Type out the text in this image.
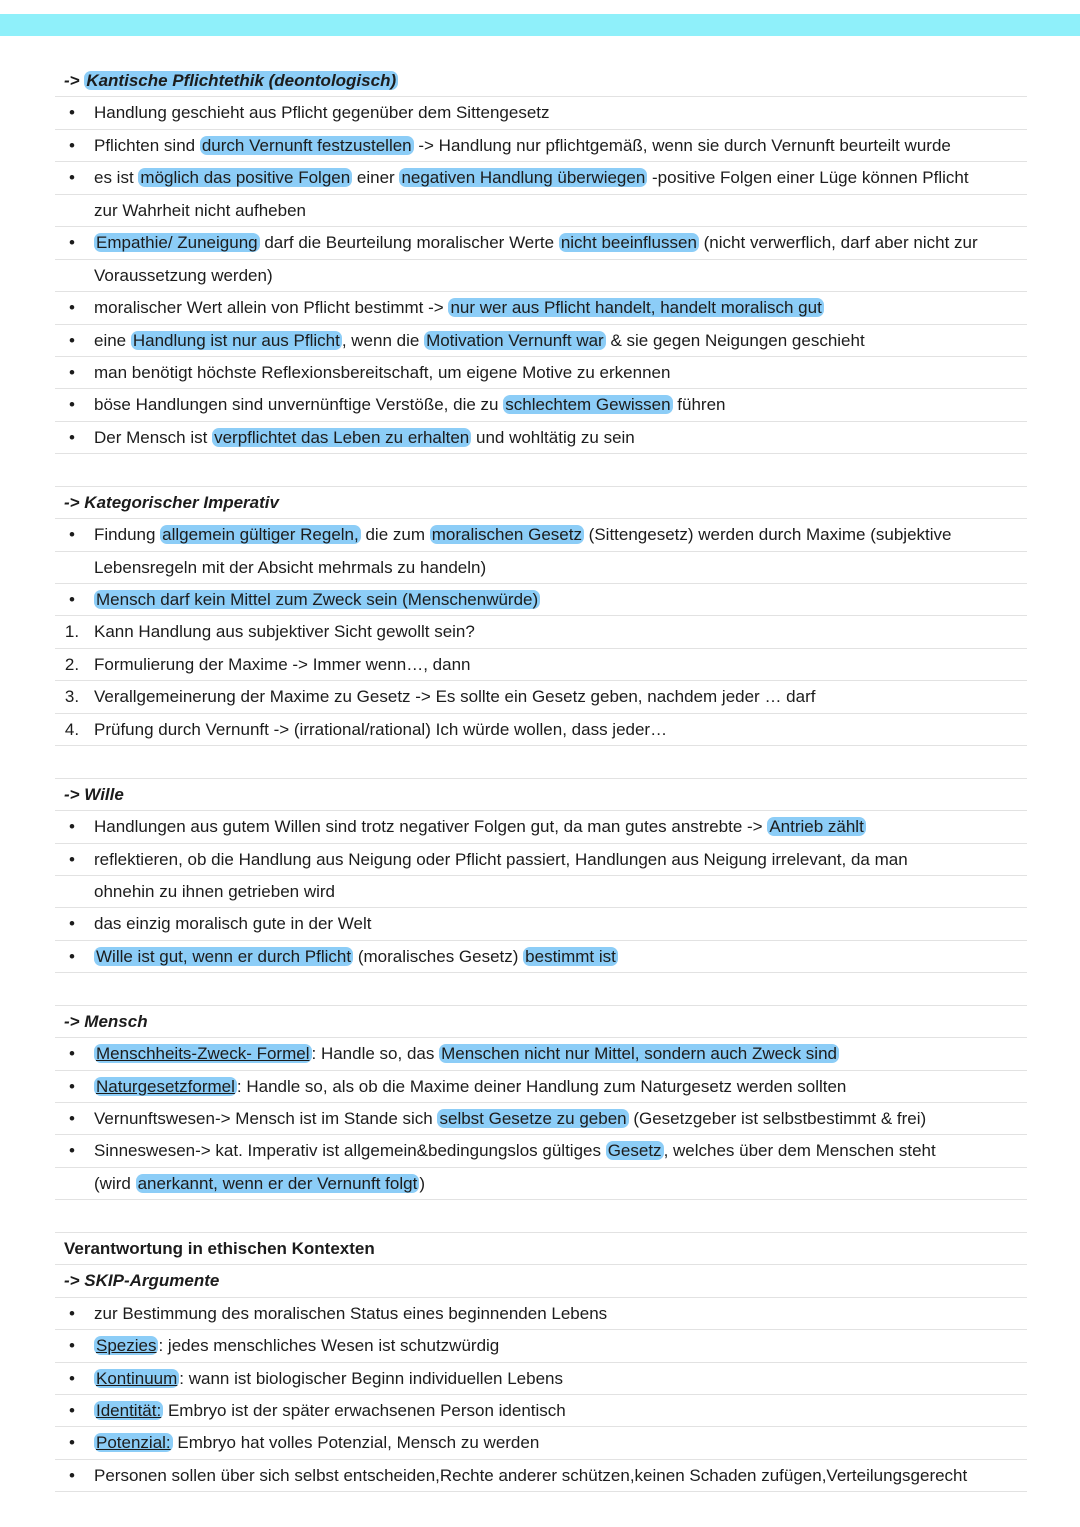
-> Kantische Pflichtethik (deontologisch)
•	Handlung geschieht aus Pflicht gegenüber dem Sittengesetz
•	Pflichten sind durch Vernunft festzustellen -> Handlung nur pflichtgemäß, wenn sie durch Vernunft beurteilt wurde
•	es ist möglich das positive Folgen einer negativen Handlung überwiegen -positive Folgen einer Lüge können Pflicht
zur Wahrheit nicht aufheben
•	Empathie/ Zuneigung darf die Beurteilung moralischer Werte nicht beeinflussen (nicht verwerflich, darf aber nicht zur
Voraussetzung werden)
•	moralischer Wert allein von Pflicht bestimmt -> nur wer aus Pflicht handelt, handelt moralisch gut
•	eine Handlung ist nur aus Pflicht , wenn die Motivation Vernunft war & sie gegen Neigungen geschieht
•	man benötigt höchste Reflexionsbereitschaft, um eigene Motive zu erkennen
•	böse Handlungen sind unvernünftige Verstöße, die zu schlechtem Gewissen führen
•	Der Mensch ist verpflichtet das Leben zu erhalten und wohltätig zu sein
-> Kategorischer Imperativ
•	Findung allgemein gültiger Regeln, die zum moralischen Gesetz (Sittengesetz) werden durch Maxime (subjektive
Lebensregeln mit der Absicht mehrmals zu handeln)
•	Mensch darf kein Mittel zum Zweck sein (Menschenwürde)
1. Kann Handlung aus subjektiver Sicht gewollt sein?
2. Formulierung der Maxime -> Immer wenn…, dann
3. Verallgemeinerung der Maxime zu Gesetz -> Es sollte ein Gesetz geben, nachdem jeder … darf
4. Prüfung durch Vernunft -> (irrational/rational) Ich würde wollen, dass jeder…
-> Wille
•	Handlungen aus gutem Willen sind trotz negativer Folgen gut, da man gutes anstrebte -> Antrieb zählt
•	reflektieren, ob die Handlung aus Neigung oder Pflicht passiert, Handlungen aus Neigung irrelevant, da man
ohnehin zu ihnen getrieben wird
•	das einzig moralisch gute in der Welt
•	Wille ist gut, wenn er durch Pflicht (moralisches Gesetz) bestimmt ist
-> Mensch
•	Menschheits-Zweck- Formel : Handle so, das Menschen nicht nur Mittel, sondern auch Zweck sind
•	Naturgesetzformel : Handle so, als ob die Maxime deiner Handlung zum Naturgesetz werden sollten
•	Vernunftswesen-> Mensch ist im Stande sich selbst Gesetze zu geben (Gesetzgeber ist selbstbestimmt & frei)
•	Sinneswesen-> kat. Imperativ ist allgemein&bedingungslos gültiges Gesetz , welches über dem Menschen steht
(wird anerkannt, wenn er der Vernunft folgt )
Verantwortung in ethischen Kontexten
-> SKIP-Argumente
•	zur Bestimmung des moralischen Status eines beginnenden Lebens
•	Spezies : jedes menschliches Wesen ist schutzwürdig
•	Kontinuum : wann ist biologischer Beginn individuellen Lebens
•	Identität: Embryo ist der später erwachsenen Person identisch
•	Potenzial: Embryo hat volles Potenzial, Mensch zu werden
•	Personen sollen über sich selbst entscheiden,Rechte anderer schützen,keinen Schaden zufügen,Verteilungsgerecht
